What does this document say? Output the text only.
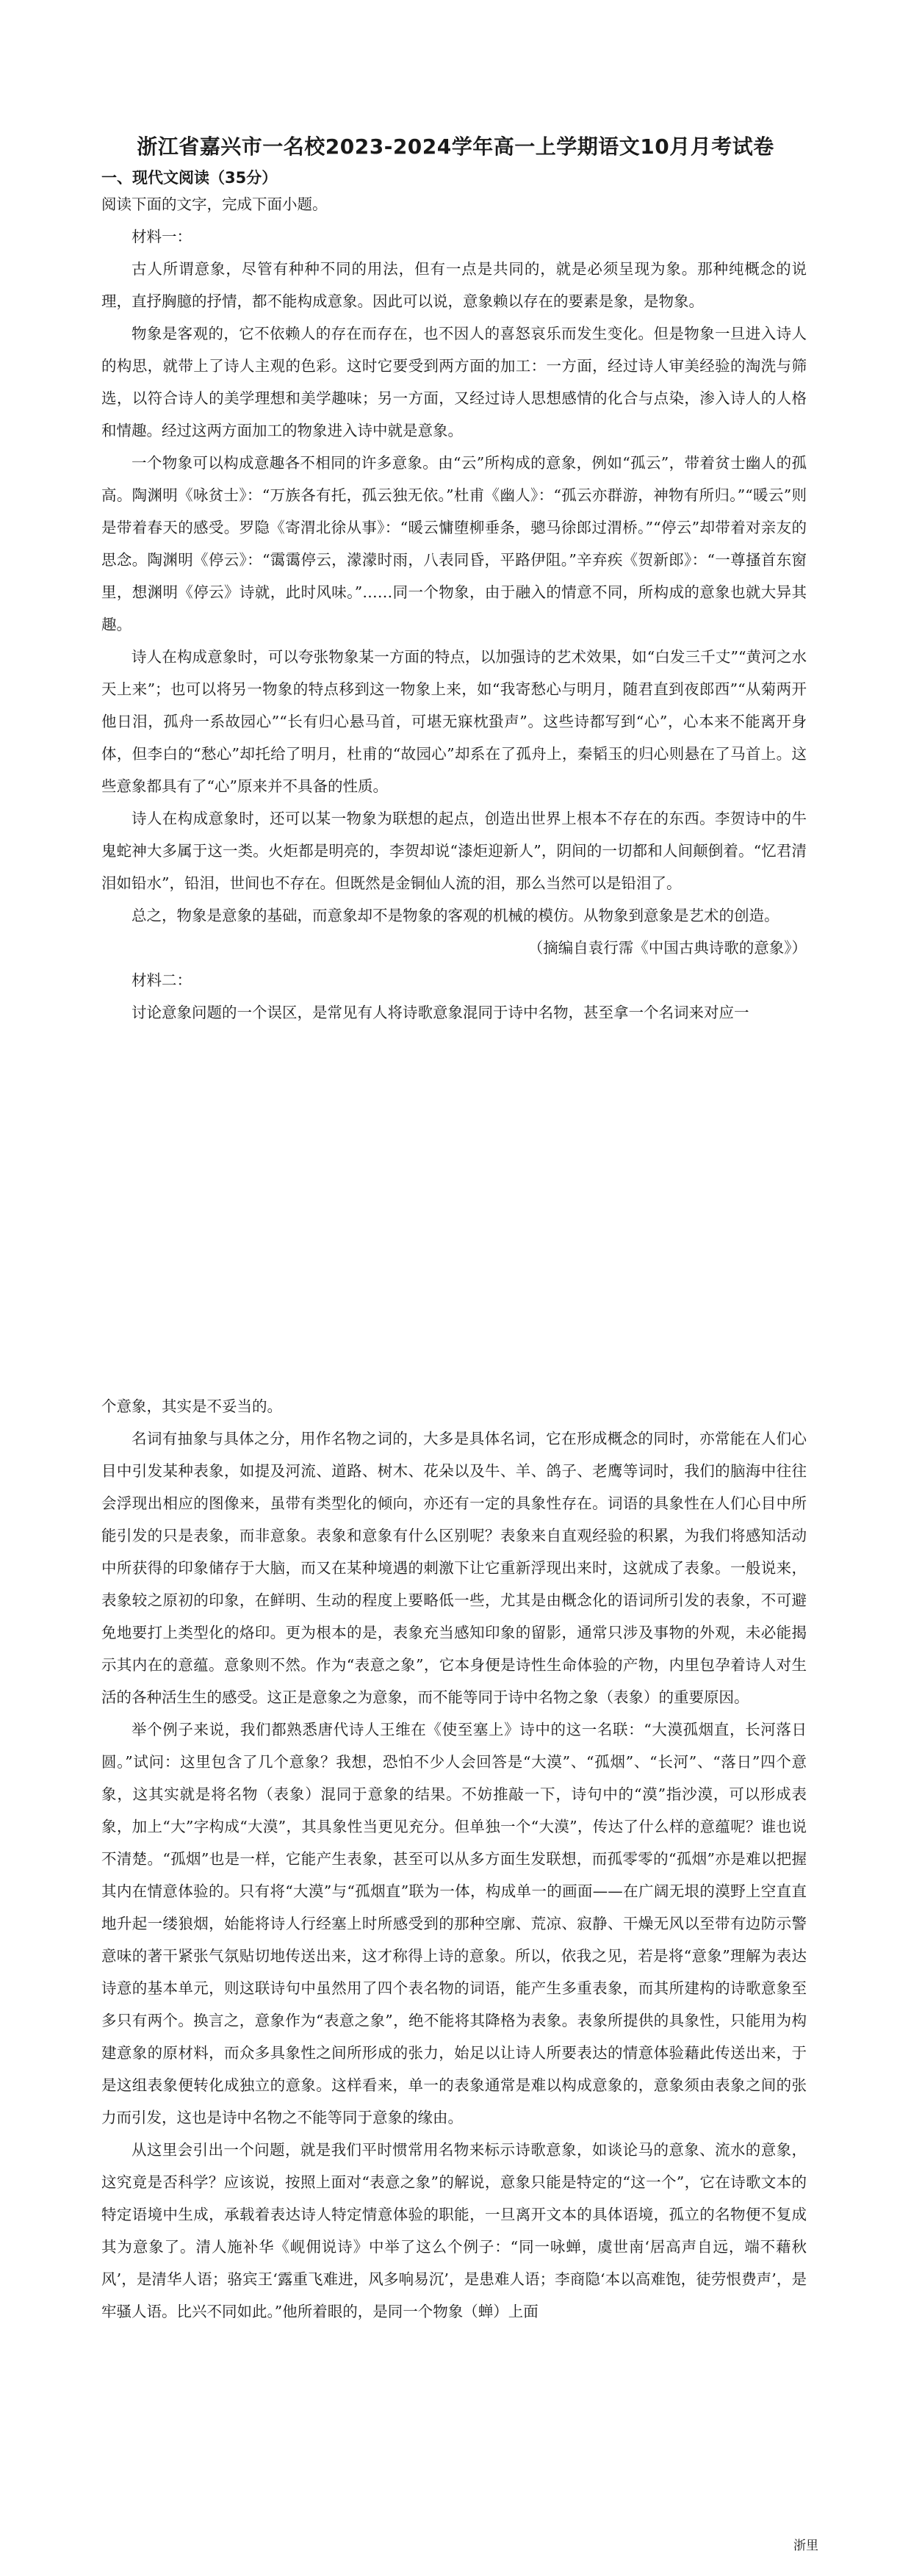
浙江省嘉兴市一名校2023-2024学年高一上学期语文10月月考试卷
一、现代文阅读（35分）

阅读下面的文字，完成下面小题。

材料一：

古人所谓意象，尽管有种种不同的用法，但有一点是共同的，就是必须呈现为象。那种纯概念的说理，直抒胸臆的抒情，都不能构成意象。因此可以说，意象赖以存在的要素是象，是物象。

物象是客观的，它不依赖人的存在而存在，也不因人的喜怒哀乐而发生变化。但是物象一旦进入诗人的构思，就带上了诗人主观的色彩。这时它要受到两方面的加工：一方面，经过诗人审美经验的淘洗与筛选，以符合诗人的美学理想和美学趣味；另一方面，又经过诗人思想感情的化合与点染，渗入诗人的人格和情趣。经过这两方面加工的物象进入诗中就是意象。

一个物象可以构成意趣各不相同的许多意象。由“云”所构成的意象，例如“孤云”，带着贫士幽人的孤高。陶渊明《咏贫士》：“万族各有托，孤云独无依。”杜甫《幽人》：“孤云亦群游，神物有所归。”“暖云”则是带着春天的感受。罗隐《寄渭北徐从事》：“暖云慵堕柳垂条，骢马徐郎过渭桥。”“停云”却带着对亲友的思念。陶渊明《停云》：“霭霭停云，濛濛时雨，八表同昏，平路伊阻。”辛弃疾《贺新郎》：“一尊搔首东窗里，想渊明《停云》诗就，此时风味。”……同一个物象，由于融入的情意不同，所构成的意象也就大异其趣。

诗人在构成意象时，可以夸张物象某一方面的特点，以加强诗的艺术效果，如“白发三千丈”“黄河之水天上来”；也可以将另一物象的特点移到这一物象上来，如“我寄愁心与明月，随君直到夜郎西”“从菊两开他日泪，孤舟一系故园心”“长有归心悬马首，可堪无寐枕蛩声”。这些诗都写到“心”，心本来不能离开身体，但李白的“愁心”却托给了明月，杜甫的“故园心”却系在了孤舟上，秦韬玉的归心则悬在了马首上。这些意象都具有了“心”原来并不具备的性质。

诗人在构成意象时，还可以某一物象为联想的起点，创造出世界上根本不存在的东西。李贺诗中的牛鬼蛇神大多属于这一类。火炬都是明亮的，李贺却说“漆炬迎新人”，阴间的一切都和人间颠倒着。“忆君清泪如铅水”，铅泪，世间也不存在。但既然是金铜仙人流的泪，那么当然可以是铅泪了。

总之，物象是意象的基础，而意象却不是物象的客观的机械的模仿。从物象到意象是艺术的创造。

（摘编自袁行霈《中国古典诗歌的意象》）

材料二：

讨论意象问题的一个误区，是常见有人将诗歌意象混同于诗中名物，甚至拿一个名词来对应一

个意象，其实是不妥当的。

名词有抽象与具体之分，用作名物之词的，大多是具体名词，它在形成概念的同时，亦常能在人们心目中引发某种表象，如提及河流、道路、树木、花朵以及牛、羊、鸽子、老鹰等词时，我们的脑海中往往会浮现出相应的图像来，虽带有类型化的倾向，亦还有一定的具象性存在。词语的具象性在人们心目中所能引发的只是表象，而非意象。表象和意象有什么区别呢？表象来自直观经验的积累，为我们将感知活动中所获得的印象储存于大脑，而又在某种境遇的刺激下让它重新浮现出来时，这就成了表象。一般说来，表象较之原初的印象，在鲜明、生动的程度上要略低一些，尤其是由概念化的语词所引发的表象，不可避免地要打上类型化的烙印。更为根本的是，表象充当感知印象的留影，通常只涉及事物的外观，未必能揭示其内在的意蕴。意象则不然。作为“表意之象”，它本身便是诗性生命体验的产物，内里包孕着诗人对生活的各种活生生的感受。这正是意象之为意象，而不能等同于诗中名物之象（表象）的重要原因。

举个例子来说，我们都熟悉唐代诗人王维在《使至塞上》诗中的这一名联：“大漠孤烟直，长河落日圆。”试问：这里包含了几个意象？我想，恐怕不少人会回答是“大漠”、“孤烟”、“长河”、“落日”四个意象，这其实就是将名物（表象）混同于意象的结果。不妨推敲一下，诗句中的“漠”指沙漠，可以形成表象，加上“大”字构成“大漠”，其具象性当更见充分。但单独一个“大漠”，传达了什么样的意蕴呢？谁也说不清楚。“孤烟”也是一样，它能产生表象，甚至可以从多方面生发联想，而孤零零的“孤烟”亦是难以把握其内在情意体验的。只有将“大漠”与“孤烟直”联为一体，构成单一的画面——在广阔无垠的漠野上空直直地升起一缕狼烟，始能将诗人行经塞上时所感受到的那种空廓、荒凉、寂静、干燥无风以至带有边防示警意味的著干紧张气氛贴切地传送出来，这才称得上诗的意象。所以，依我之见，若是将“意象”理解为表达诗意的基本单元，则这联诗句中虽然用了四个表名物的词语，能产生多重表象，而其所建构的诗歌意象至多只有两个。换言之，意象作为“表意之象”，绝不能将其降格为表象。表象所提供的具象性，只能用为构建意象的原材料，而众多具象性之间所形成的张力，始足以让诗人所要表达的情意体验藉此传送出来，于是这组表象便转化成独立的意象。这样看来，单一的表象通常是难以构成意象的，意象须由表象之间的张力而引发，这也是诗中名物之不能等同于意象的缘由。

从这里会引出一个问题，就是我们平时惯常用名物来标示诗歌意象，如谈论马的意象、流水的意象，这究竟是否科学？应该说，按照上面对“表意之象”的解说，意象只能是特定的“这一个”，它在诗歌文本的特定语境中生成，承载着表达诗人特定情意体验的职能，一旦离开文本的具体语境，孤立的名物便不复成其为意象了。清人施补华《岘佣说诗》中举了这么个例子：“同一咏蝉，虞世南‘居高声自远，端不藉秋风’，是清华人语；骆宾王‘露重飞难进，风多响易沉’，是患难人语；李商隐‘本以高难饱，徒劳恨费声’，是牢骚人语。比兴不同如此。”他所着眼的，是同一个物象（蝉）上面

浙里
